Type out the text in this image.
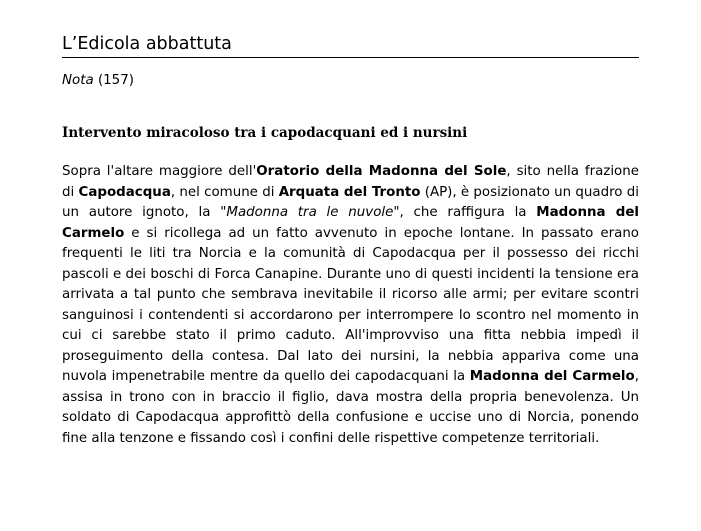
L’Edicola abbattuta
Nota (157)
Intervento miracoloso tra i capodacquani ed i nursini

Sopra l'altare maggiore dell'Oratorio della Madonna del Sole, sito nella frazione di Capodacqua, nel comune di Arquata del Tronto (AP), è posizionato un quadro di un autore ignoto, la "Madonna tra le nuvole", che raffigura la Madonna del Carmelo e si ricollega ad un fatto avvenuto in epoche lontane. In passato erano frequenti le liti tra Norcia e la comunità di Capodacqua per il possesso dei ricchi pascoli e dei boschi di Forca Canapine. Durante uno di questi incidenti la tensione era arrivata a tal punto che sembrava inevitabile il ricorso alle armi; per evitare scontri sanguinosi i contendenti si accordarono per interrompere lo scontro nel momento in cui ci sarebbe stato il primo caduto. All'improvviso una fitta nebbia impedì il proseguimento della contesa. Dal lato dei nursini, la nebbia appariva come una nuvola impenetrabile mentre da quello dei capodacquani la Madonna del Carmelo, assisa in trono con in braccio il figlio, dava mostra della propria benevolenza. Un soldato di Capodacqua approfittò della confusione e uccise uno di Norcia, ponendo fine alla tenzone e fissando così i confini delle rispettive competenze territoriali.
